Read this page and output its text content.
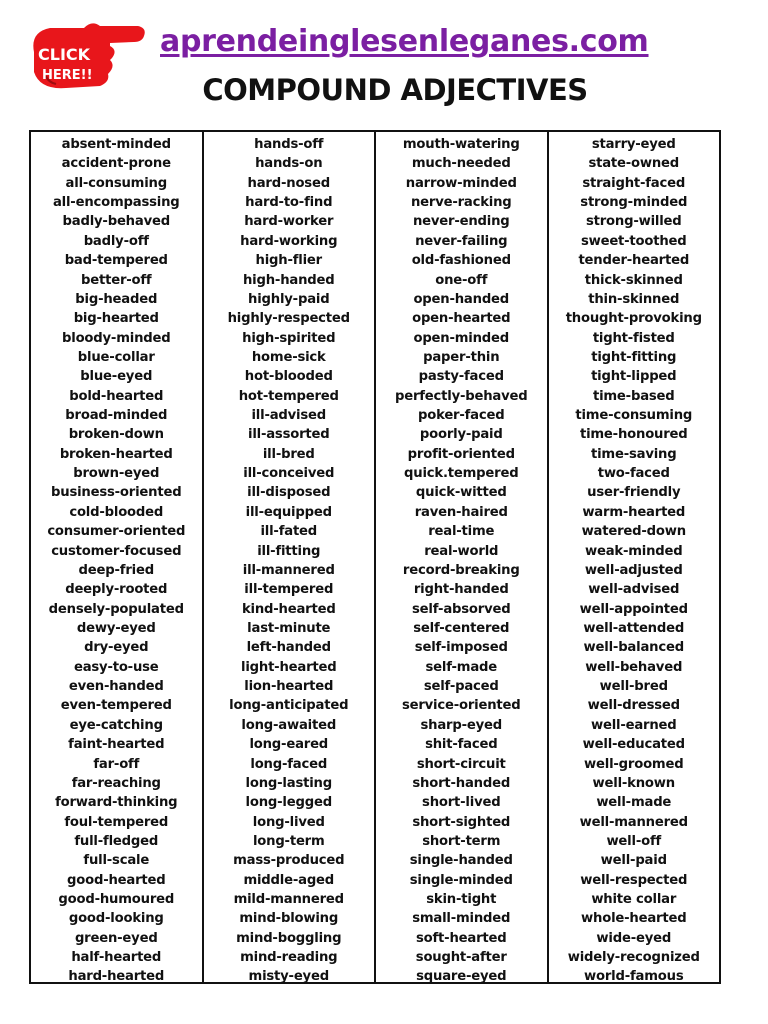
CLICK
HERE!!
aprendeinglesenleganes.com
COMPOUND ADJECTIVES
absent-minded
accident-prone
all-consuming
all-encompassing
badly-behaved
badly-off
bad-tempered
better-off
big-headed
big-hearted
bloody-minded
blue-collar
blue-eyed
bold-hearted
broad-minded
broken-down
broken-hearted
brown-eyed
business-oriented
cold-blooded
consumer-oriented
customer-focused
deep-fried
deeply-rooted
densely-populated
dewy-eyed
dry-eyed
easy-to-use
even-handed
even-tempered
eye-catching
faint-hearted
far-off
far-reaching
forward-thinking
foul-tempered
full-fledged
full-scale
good-hearted
good-humoured
good-looking
green-eyed
half-hearted
hard-hearted
hands-off
hands-on
hard-nosed
hard-to-find
hard-worker
hard-working
high-flier
high-handed
highly-paid
highly-respected
high-spirited
home-sick
hot-blooded
hot-tempered
ill-advised
ill-assorted
ill-bred
ill-conceived
ill-disposed
ill-equipped
ill-fated
ill-fitting
ill-mannered
ill-tempered
kind-hearted
last-minute
left-handed
light-hearted
lion-hearted
long-anticipated
long-awaited
long-eared
long-faced
long-lasting
long-legged
long-lived
long-term
mass-produced
middle-aged
mild-mannered
mind-blowing
mind-boggling
mind-reading
misty-eyed
mouth-watering
much-needed
narrow-minded
nerve-racking
never-ending
never-failing
old-fashioned
one-off
open-handed
open-hearted
open-minded
paper-thin
pasty-faced
perfectly-behaved
poker-faced
poorly-paid
profit-oriented
quick.tempered
quick-witted
raven-haired
real-time
real-world
record-breaking
right-handed
self-absorved
self-centered
self-imposed
self-made
self-paced
service-oriented
sharp-eyed
shit-faced
short-circuit
short-handed
short-lived
short-sighted
short-term
single-handed
single-minded
skin-tight
small-minded
soft-hearted
sought-after
square-eyed
starry-eyed
state-owned
straight-faced
strong-minded
strong-willed
sweet-toothed
tender-hearted
thick-skinned
thin-skinned
thought-provoking
tight-fisted
tight-fitting
tight-lipped
time-based
time-consuming
time-honoured
time-saving
two-faced
user-friendly
warm-hearted
watered-down
weak-minded
well-adjusted
well-advised
well-appointed
well-attended
well-balanced
well-behaved
well-bred
well-dressed
well-earned
well-educated
well-groomed
well-known
well-made
well-mannered
well-off
well-paid
well-respected
white collar
whole-hearted
wide-eyed
widely-recognized
world-famous
